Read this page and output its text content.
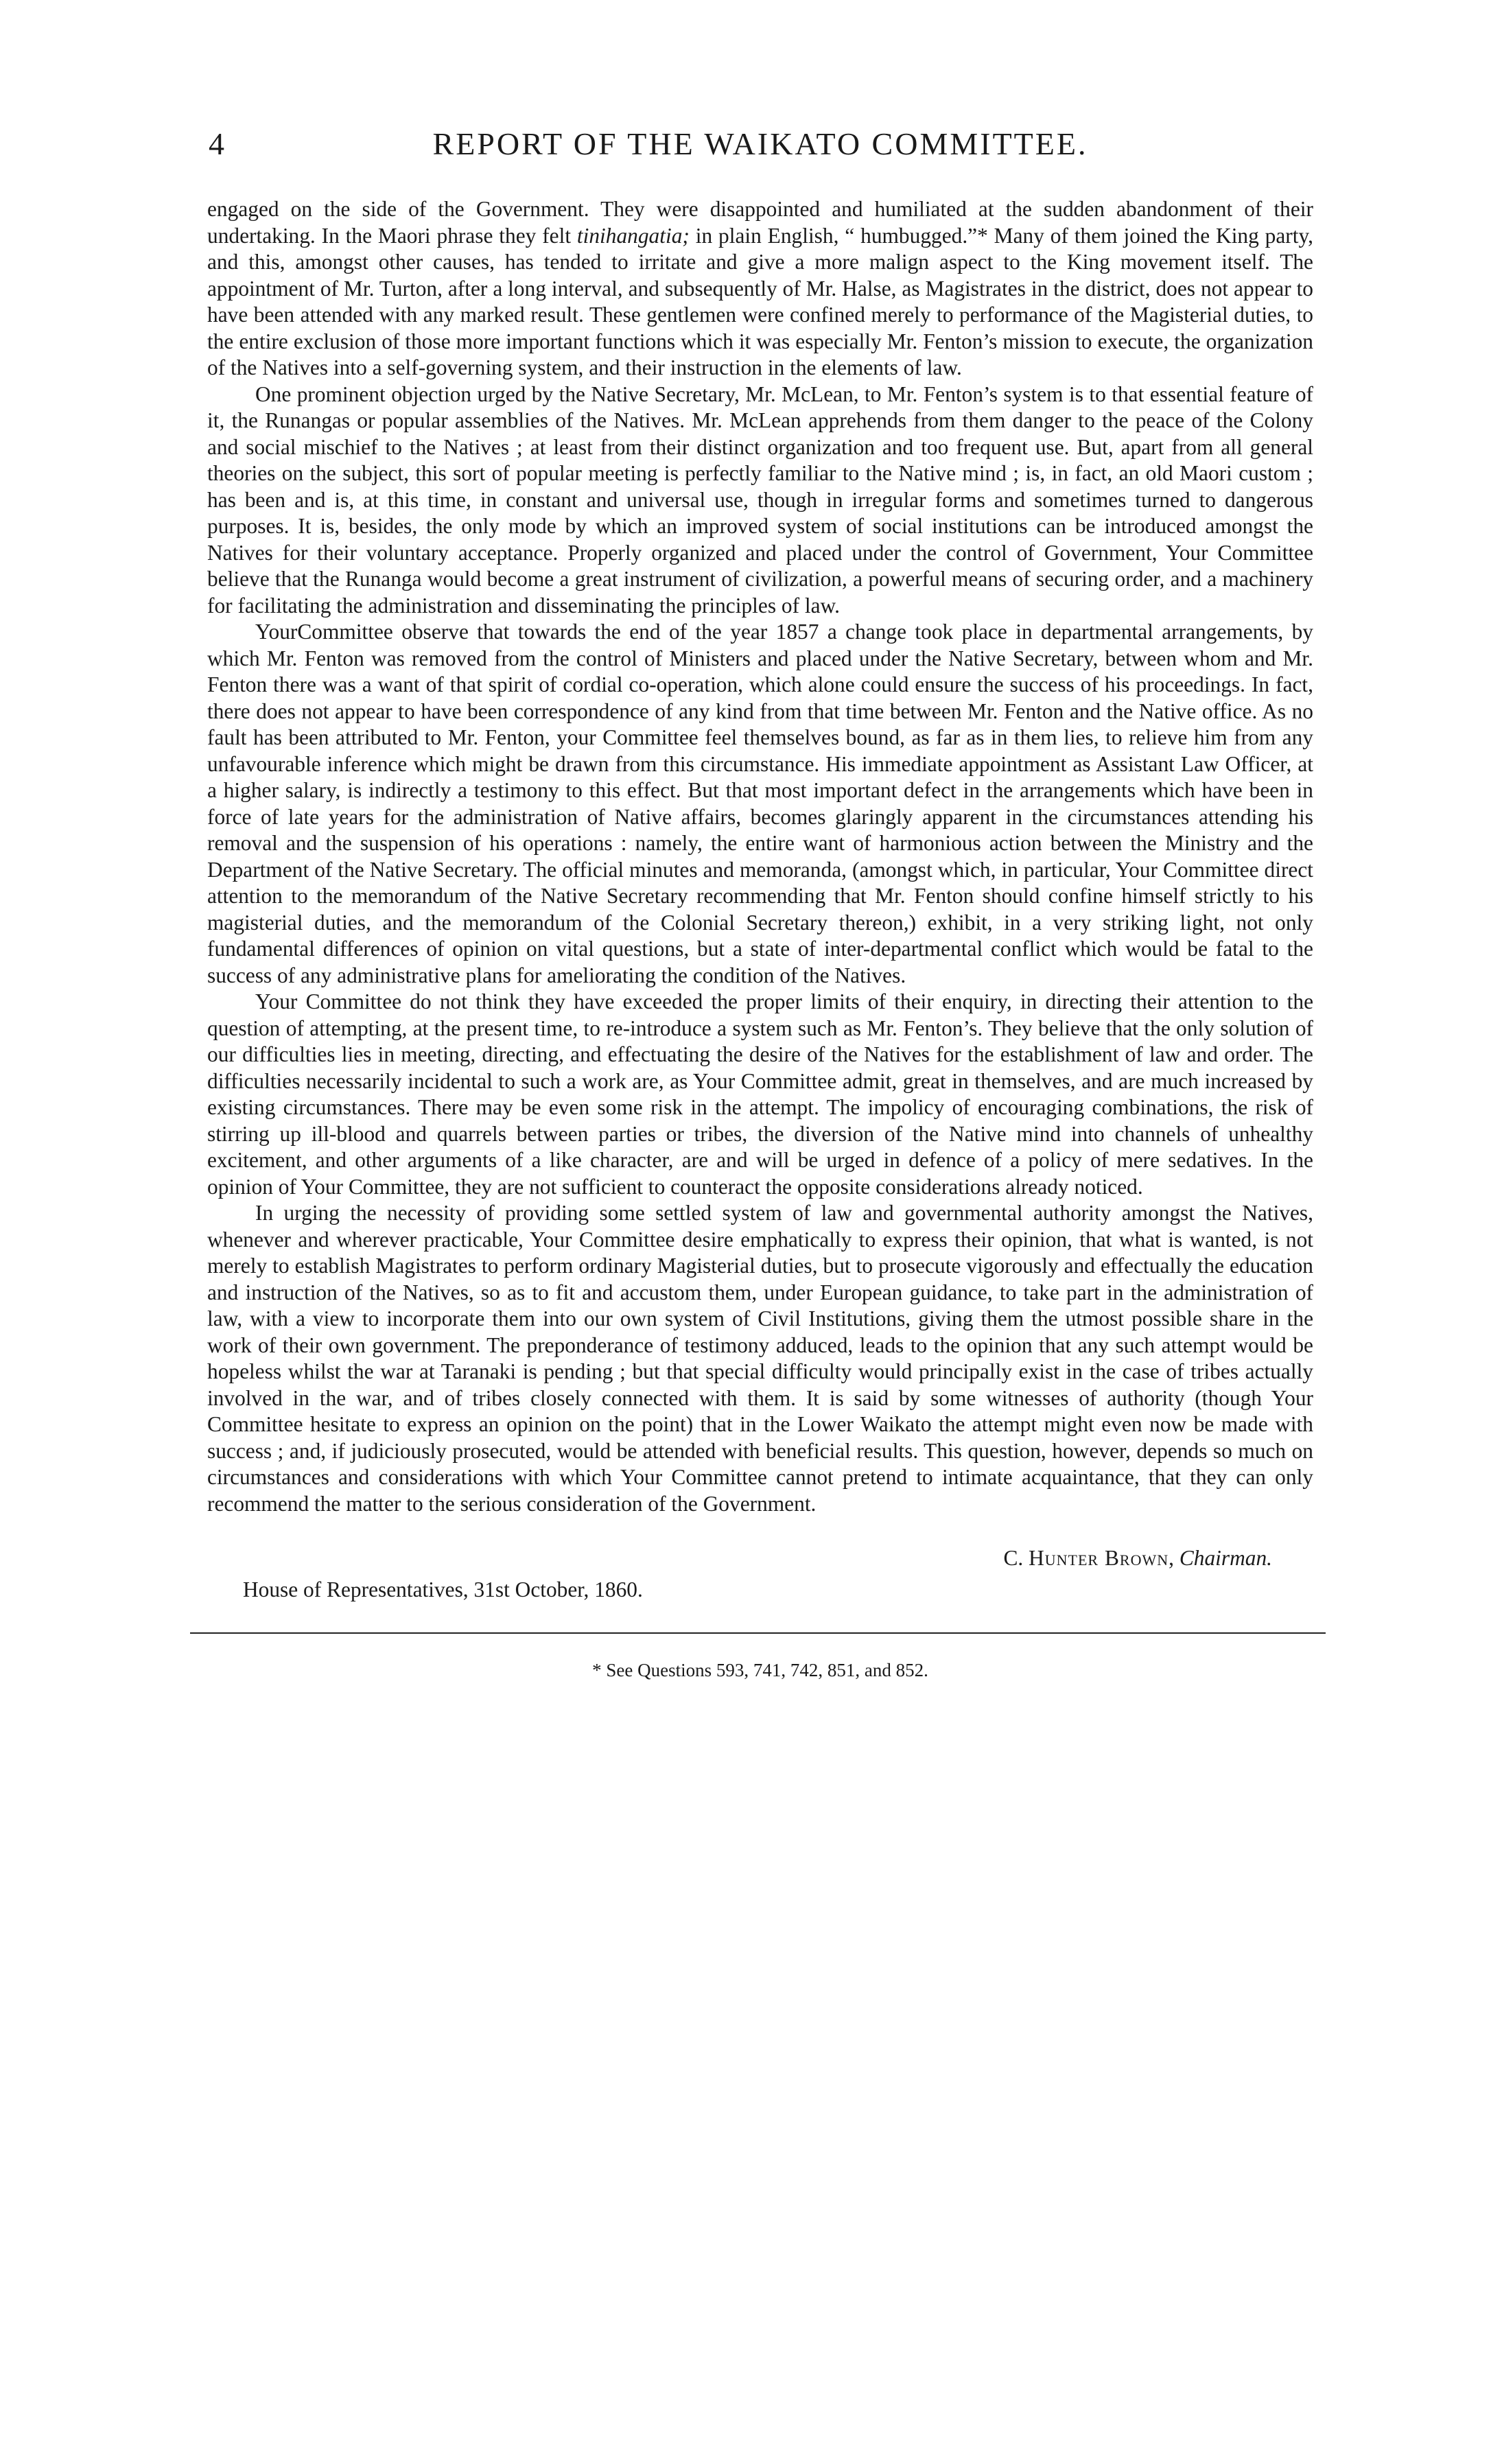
4	REPORT OF THE WAIKATO COMMITTEE.

engaged on the side of the Government. They were disappointed and humiliated at the sudden abandonment of their undertaking. In the Maori phrase they felt tinihangatia; in plain English, “ humbugged.”* Many of them joined the King party, and this, amongst other causes, has tended to irritate and give a more malign aspect to the King movement itself. The appointment of Mr. Turton, after a long interval, and subsequently of Mr. Halse, as Magistrates in the district, does not appear to have been attended with any marked result. These gentlemen were confined merely to performance of the Magisterial duties, to the entire exclusion of those more important functions which it was especially Mr. Fenton’s mission to execute, the organization of the Natives into a self-governing system, and their instruction in the elements of law.

One prominent objection urged by the Native Secretary, Mr. McLean, to Mr. Fenton’s system is to that essential feature of it, the Runangas or popular assemblies of the Natives. Mr. McLean apprehends from them danger to the peace of the Colony and social mischief to the Natives ; at least from their distinct organization and too frequent use. But, apart from all general theories on the subject, this sort of popular meeting is perfectly familiar to the Native mind ; is, in fact, an old Maori custom ; has been and is, at this time, in constant and universal use, though in irregular forms and sometimes turned to dangerous purposes. It is, besides, the only mode by which an improved system of social institutions can be introduced amongst the Natives for their voluntary acceptance. Properly organized and placed under the control of Government, Your Committee believe that the Runanga would become a great instrument of civilization, a powerful means of securing order, and a machinery for facilitating the administration and disseminating the principles of law.

YourCommittee observe that towards the end of the year 1857 a change took place in departmental arrangements, by which Mr. Fenton was removed from the control of Ministers and placed under the Native Secretary, between whom and Mr. Fenton there was a want of that spirit of cordial co-operation, which alone could ensure the success of his proceedings. In fact, there does not appear to have been correspondence of any kind from that time between Mr. Fenton and the Native office. As no fault has been attributed to Mr. Fenton, your Committee feel themselves bound, as far as in them lies, to relieve him from any unfavourable inference which might be drawn from this circumstance. His immediate appointment as Assistant Law Officer, at a higher salary, is indirectly a testimony to this effect. But that most important defect in the arrangements which have been in force of late years for the administration of Native affairs, becomes glaringly apparent in the circumstances attending his removal and the suspension of his operations : namely, the entire want of harmonious action between the Ministry and the Department of the Native Secretary. The official minutes and memoranda, (amongst which, in particular, Your Committee direct attention to the memorandum of the Native Secretary recommending that Mr. Fenton should confine himself strictly to his magisterial duties, and the memorandum of the Colonial Secretary thereon,) exhibit, in a very striking light, not only fundamental differences of opinion on vital questions, but a state of inter-departmental conflict which would be fatal to the success of any administrative plans for ameliorating the condition of the Natives.

Your Committee do not think they have exceeded the proper limits of their enquiry, in directing their attention to the question of attempting, at the present time, to re-introduce a system such as Mr. Fenton’s. They believe that the only solution of our difficulties lies in meeting, directing, and effectuating the desire of the Natives for the establishment of law and order. The difficulties necessarily incidental to such a work are, as Your Committee admit, great in themselves, and are much increased by existing circumstances. There may be even some risk in the attempt. The impolicy of encouraging combinations, the risk of stirring up ill-blood and quarrels between parties or tribes, the diversion of the Native mind into channels of unhealthy excitement, and other arguments of a like character, are and will be urged in defence of a policy of mere sedatives. In the opinion of Your Committee, they are not sufficient to counteract the opposite considerations already noticed.

In urging the necessity of providing some settled system of law and governmental authority amongst the Natives, whenever and wherever practicable, Your Committee desire emphatically to express their opinion, that what is wanted, is not merely to establish Magistrates to perform ordinary Magisterial duties, but to prosecute vigorously and effectually the education and instruction of the Natives, so as to fit and accustom them, under European guidance, to take part in the administration of law, with a view to incorporate them into our own system of Civil Institutions, giving them the utmost possible share in the work of their own government. The preponderance of testimony adduced, leads to the opinion that any such attempt would be hopeless whilst the war at Taranaki is pending ; but that special difficulty would principally exist in the case of tribes actually involved in the war, and of tribes closely connected with them. It is said by some witnesses of authority (though Your Committee hesitate to express an opinion on the point) that in the Lower Waikato the attempt might even now be made with success ; and, if judiciously prosecuted, would be attended with beneficial results. This question, however, depends so much on circumstances and considerations with which Your Committee cannot pretend to intimate acquaintance, that they can only recommend the matter to the serious consideration of the Government.

C. Hunter Brown, Chairman.
House of Representatives, 31st October, 1860.
* See Questions 593, 741, 742, 851, and 852.
